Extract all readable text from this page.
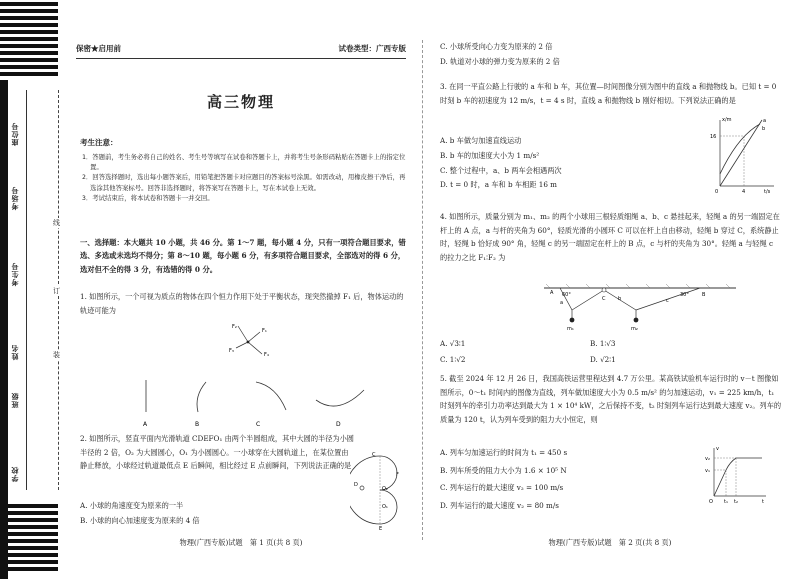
座位号
考场号
考生号
姓名
班级
学校
线
订
装
保密★启用前	试卷类型：广西专版
高三物理
考生注意：
1．答题前，考生务必将自己的姓名、考生号等填写在试卷和答题卡上，并将考生号条形码粘贴在答题卡上的指定位置。
2．回答选择题时，选出每小题答案后，用铅笔把答题卡对应题目的答案标号涂黑。如需改动，用橡皮擦干净后，再选涂其他答案标号。回答非选择题时，将答案写在答题卡上，写在本试卷上无效。
3．考试结束后，将本试卷和答题卡一并交回。
一、选择题：本大题共 10 小题，共 46 分。第 1～7 题，每小题 4 分，只有一项符合题目要求，错选、多选或未选均不得分；第 8～10 题，每小题 6 分，有多项符合题目要求，全部选对的得 6 分，选对但不全的得 3 分，有选错的得 0 分。
1. 如图所示，一个可视为质点的物体在四个恒力作用下处于平衡状态，现突然撤掉 F₁ 后，物体运动的轨迹可能为
F₂
F₁
F₃
F₄
A	B	C	D
2. 如图所示，竖直平面内光滑轨道 CDEFO₁ 由两个半圆组成，其中大圆的半径为小圆半径的 2 倍，O₂ 为大圆圆心，O₁ 为小圆圆心。一小球穿在大圆轨道上，在某位置由静止释放，小球经过轨道最低点 E 后瞬间，相比经过 E 点前瞬间，下列说法正确的是
C
D
O₂
O₁
E
F
A. 小球的角速度变为原来的一半
B. 小球的向心加速度变为原来的 4 倍
物理(广西专版)试题　第 1 页(共 8 页)
C. 小球所受向心力变为原来的 2 倍
D. 轨道对小球的弹力变为原来的 2 倍
3. 在同一平直公路上行驶的 a 车和 b 车，其位置—时间图像分别为图中的直线 a 和抛物线 b。已知 t = 0 时刻 b 车的初速度为 12 m/s，t = 4 s 时，直线 a 和抛物线 b 刚好相切。下列说法正确的是
A. b 车做匀加速直线运动
B. b 车的加速度大小为 1 m/s²
C. 整个过程中，a、b 两车会相遇两次
D. t = 0 时，a 车和 b 车相距 16 m
x/m
t/s
16
4
0
a
b
4. 如图所示，质量分别为 m₁、m₂ 的两个小球用三根轻质细绳 a、b、c 悬挂起来，轻绳 a 的另一端固定在杆上的 A 点，a 与杆的夹角为 60°，轻质光滑的小圆环 C 可以在杆上自由移动，轻绳 b 穿过 C，系统静止时，轻绳 b 恰好成 90° 角，轻绳 c 的另一端固定在杆上的 B 点，c 与杆的夹角为 30°。轻绳 a 与轻绳 c 的拉力之比 F₁∶F₂ 为
A 60°
C
B
30°
a
b	c
m₁	m₂
A. √3∶1	B. 1∶√3
C. 1∶√2	D. √2∶1
5. 截至 2024 年 12 月 26 日，我国高铁运营里程达到 4.7 万公里。某高铁试验机车运行时的 v－t 图像如图所示，0～t₁ 时间内的图像为直线，列车做加速度大小为 0.5 m/s² 的匀加速运动，v₁ = 225 km/h，t₁ 时刻列车的牵引力功率达到最大为 1 × 10⁴ kW，之后保持不变，t₂ 时刻列车运行达到最大速度 v₂。列车的质量为 120 t，认为列车受到的阻力大小恒定，则
A. 列车匀加速运行的时间为 t₁ = 450 s
B. 列车所受的阻力大小为 1.6 × 10⁵ N
C. 列车运行的最大速度 v₂ = 100 m/s
D. 列车运行的最大速度 v₂ = 80 m/s
v
t
v₂
v₁
t₁ t₂
O
物理(广西专版)试题　第 2 页(共 8 页)
